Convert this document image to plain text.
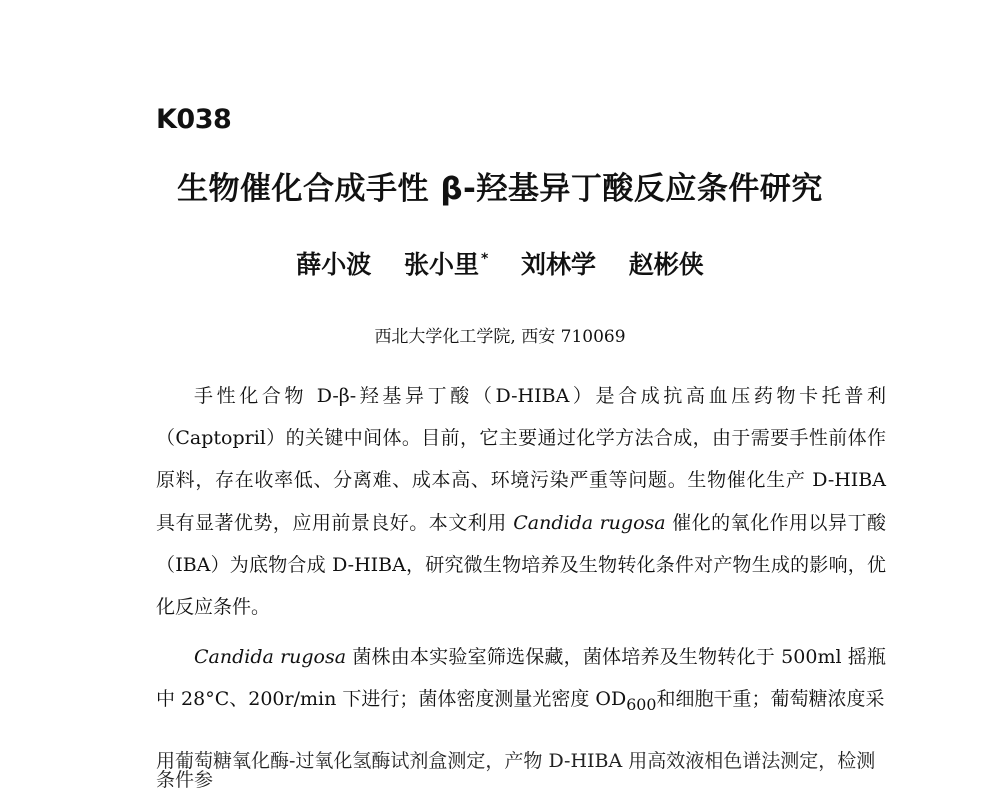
K038
生物催化合成手性 β-羟基异丁酸反应条件研究
薛小波 张小里 * 刘林学 赵彬侠
西北大学化工学院, 西安 710069

手性化合物 D-β-羟基异丁酸（D-HIBA）是合成抗高血压药物卡托普利（Captopril）的关键中间体。目前，它主要通过化学方法合成，由于需要手性前体作原料，存在收率低、分离难、成本高、环境污染严重等问题。生物催化生产 D-HIBA 具有显著优势，应用前景良好。本文利用 Candida rugosa 催化的氧化作用以异丁酸（IBA）为底物合成 D-HIBA，研究微生物培养及生物转化条件对产物生成的影响，优化反应条件。

Candida rugosa 菌株由本实验室筛选保藏，菌体培养及生物转化于 500ml 摇瓶中 28°C、200r/min 下进行；菌体密度测量光密度 $OD_{600}$和细胞干重；葡萄糖浓度采

用葡萄糖氧化酶-过氧化氢酶试剂盒测定，产物 D-HIBA 用高效液相色谱法测定，检测条件参
